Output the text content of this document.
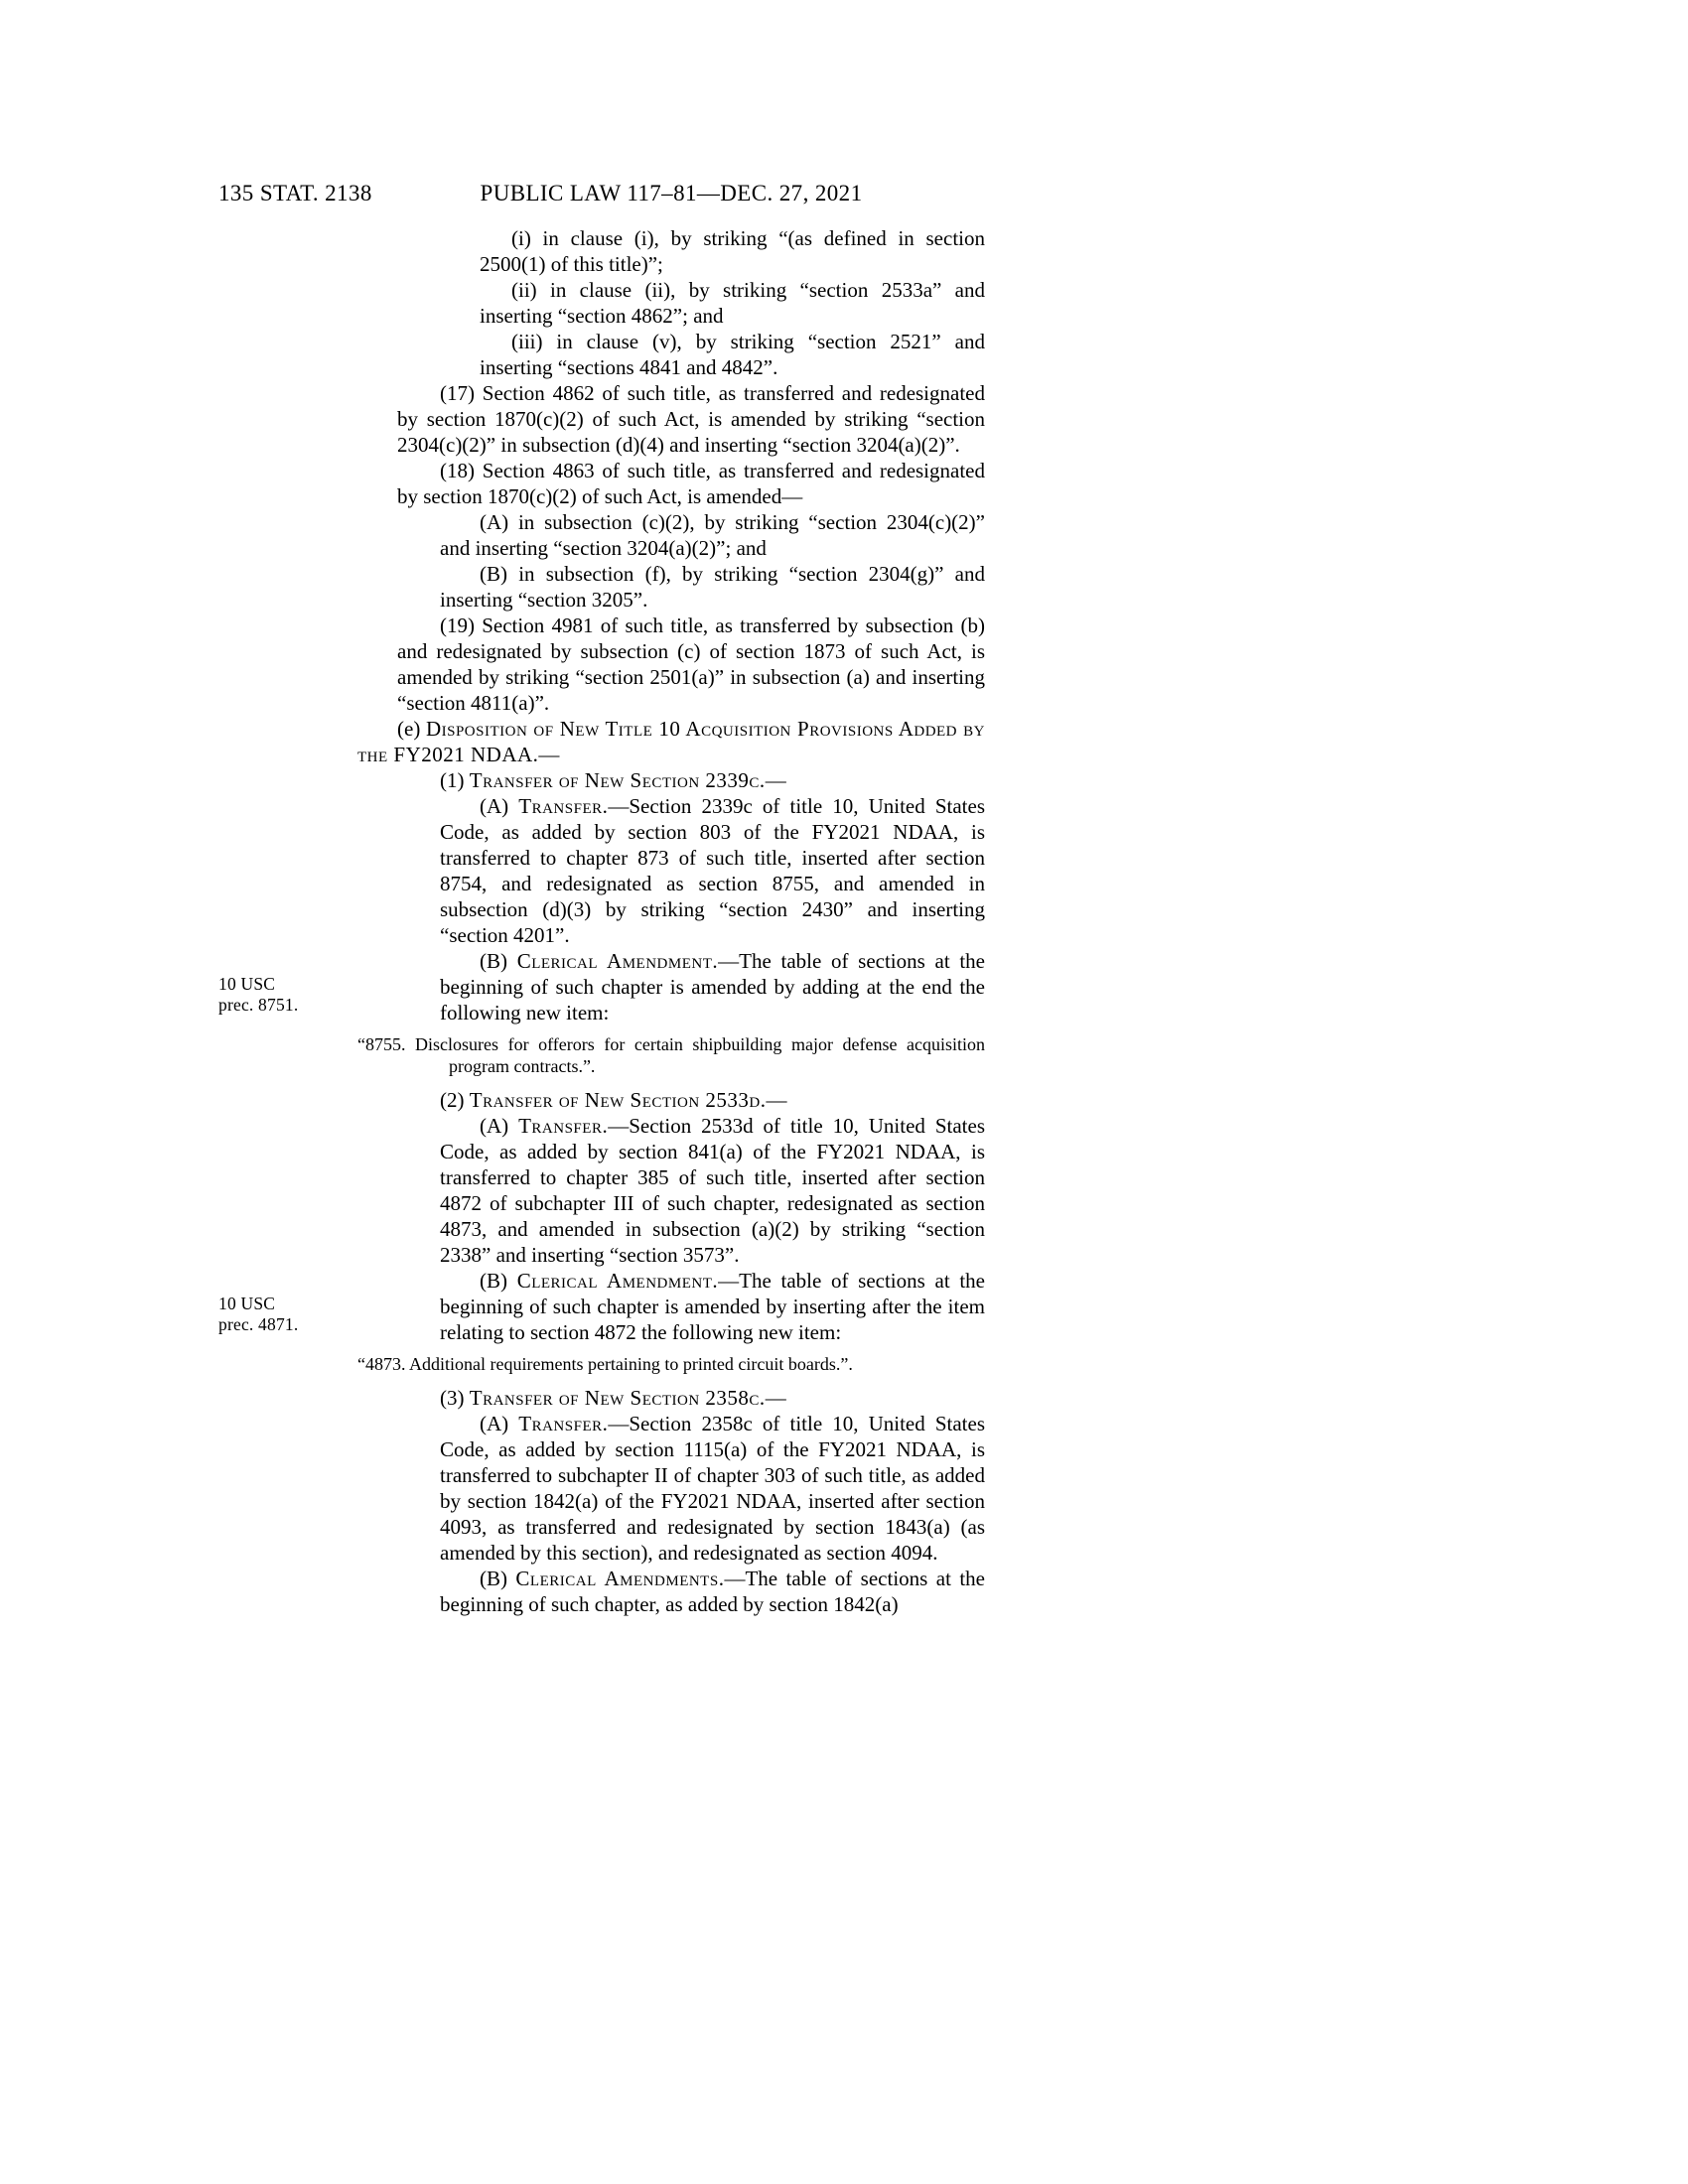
135 STAT. 2138	PUBLIC LAW 117–81—DEC. 27, 2021

(i) in clause (i), by striking “(as defined in section 2500(1) of this title)”;

(ii) in clause (ii), by striking “section 2533a” and inserting “section 4862”; and

(iii) in clause (v), by striking “section 2521” and inserting “sections 4841 and 4842”.

(17) Section 4862 of such title, as transferred and redesignated by section 1870(c)(2) of such Act, is amended by striking “section 2304(c)(2)” in subsection (d)(4) and inserting “section 3204(a)(2)”.

(18) Section 4863 of such title, as transferred and redesignated by section 1870(c)(2) of such Act, is amended—

(A) in subsection (c)(2), by striking “section 2304(c)(2)” and inserting “section 3204(a)(2)”; and

(B) in subsection (f), by striking “section 2304(g)” and inserting “section 3205”.

(19) Section 4981 of such title, as transferred by subsection (b) and redesignated by subsection (c) of section 1873 of such Act, is amended by striking “section 2501(a)” in subsection (a) and inserting “section 4811(a)”.

(e) Disposition of New Title 10 Acquisition Provisions Added by the FY2021 NDAA.—

(1) Transfer of New Section 2339c.—

(A) Transfer.—Section 2339c of title 10, United States Code, as added by section 803 of the FY2021 NDAA, is transferred to chapter 873 of such title, inserted after section 8754, and redesignated as section 8755, and amended in subsection (d)(3) by striking “section 2430” and inserting “section 4201”.

(B) Clerical Amendment.—The table of sections at the beginning of such chapter is amended by adding at the end the following new item:
10 USC
prec. 8751.

“8755. Disclosures for offerors for certain shipbuilding major defense acquisition program contracts.”.

(2) Transfer of New Section 2533d.—

(A) Transfer.—Section 2533d of title 10, United States Code, as added by section 841(a) of the FY2021 NDAA, is transferred to chapter 385 of such title, inserted after section 4872 of subchapter III of such chapter, redesignated as section 4873, and amended in subsection (a)(2) by striking “section 2338” and inserting “section 3573”.

(B) Clerical Amendment.—The table of sections at the beginning of such chapter is amended by inserting after the item relating to section 4872 the following new item:
10 USC
prec. 4871.

“4873. Additional requirements pertaining to printed circuit boards.”.

(3) Transfer of New Section 2358c.—

(A) Transfer.—Section 2358c of title 10, United States Code, as added by section 1115(a) of the FY2021 NDAA, is transferred to subchapter II of chapter 303 of such title, as added by section 1842(a) of the FY2021 NDAA, inserted after section 4093, as transferred and redesignated by section 1843(a) (as amended by this section), and redesignated as section 4094.

(B) Clerical Amendments.—The table of sections at the beginning of such chapter, as added by section 1842(a)
